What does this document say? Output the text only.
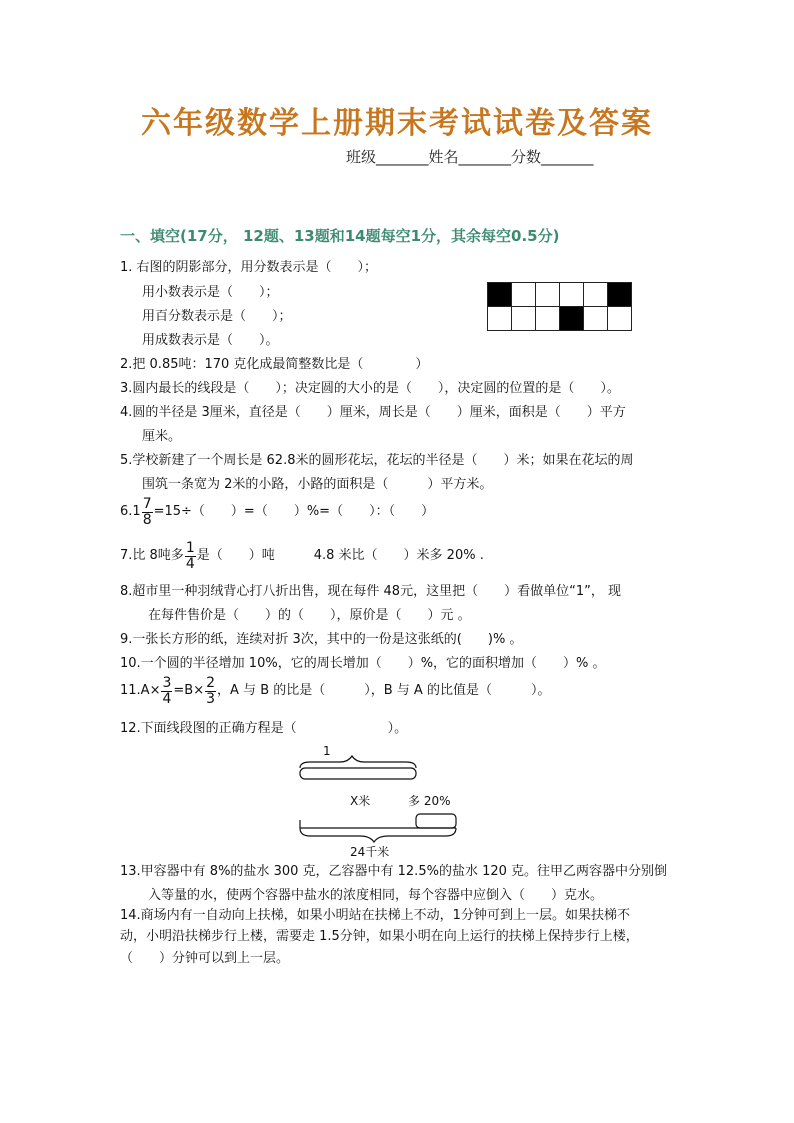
六年级数学上册期末考试试卷及答案
班级_______姓名_______分数_______
一、填空(17分， 12题、13题和14题每空1分，其余每空0.5分)
1. 右图的阴影部分，用分数表示是（　　）；
用小数表示是（　　）；
用百分数表示是（　　）；
用成数表示是（　　）。

2.把 0.85吨：170 克化成最简整数比是（　　　　）
3.圆内最长的线段是（　　）；决定圆的大小的是（　　），决定圆的位置的是（　　）。
4.圆的半径是 3厘米，直径是（　　）厘米，周长是（　　）厘米，面积是（　　）平方
厘米。
5.学校新建了一个周长是 62.8米的圆形花坛，花坛的半径是（　　）米；如果在花坛的周
围筑一条宽为 2米的小路，小路的面积是（　　　）平方米。
$6.1 \frac{7}{8} =15\div$（　　）=（　　）%=（　　）：（　　）
7.比 8吨多 $\frac{1}{4}$ 是（　　）吨　　　4.8 米比（　　）米多 20% .
8.超市里一种羽绒背心打八折出售，现在每件 48元，这里把（　　）看做单位“1”， 现
在每件售价是（　　）的（　　），原价是（　　）元 。
9.一张长方形的纸，连续对折 3次，其中的一份是这张纸的(　　)% 。
10.一个圆的半径增加 10%，它的周长增加（　　）%，它的面积增加（　　）% 。
$11.A\times \frac{3}{4} =B\times \frac{2}{3}$ ，A 与 B 的比是（　　　），B 与 A 的比值是（　　　）。
12.下面线段图的正确方程是（　　　　　　　）。
1
X米	多 20%
24千米
13.甲容器中有 8%的盐水 300 克，乙容器中有 12.5%的盐水 120 克。往甲乙两容器中分别倒
入等量的水，使两个容器中盐水的浓度相同，每个容器中应倒入（　　）克水。
14.商场内有一自动向上扶梯，如果小明站在扶梯上不动，1分钟可到上一层。如果扶梯不
动，小明沿扶梯步行上楼，需要走 1.5分钟，如果小明在向上运行的扶梯上保持步行上楼，
（　　）分钟可以到上一层。
